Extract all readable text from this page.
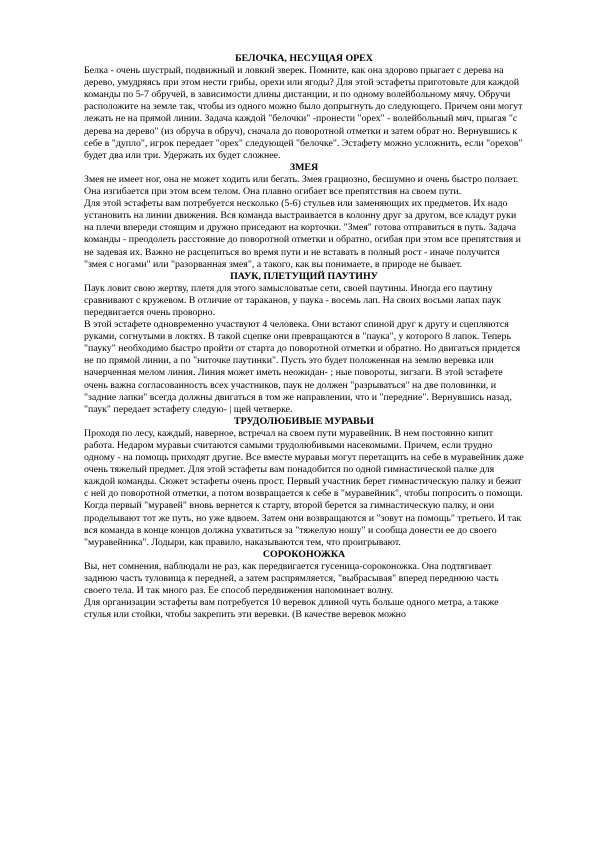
БЕЛОЧКА, НЕСУЩАЯ ОРЕХ

Белка - очень шустрый, подвижный и ловкий зверек. Помните, как она здорово прыгает с дерева на дерево, умудряясь при этом нести грибы, орехи или ягоды? Для этой эстафеты приготовьте для каждой команды по 5-7 обручей, в зависимости длины дистанции, и по одному волейбольному мячу. Обручи расположите на земле так, чтобы из одного можно было допрыгнуть до следующего. Причем они могут лежать не на прямой линии. Задача каждой "белочки" -пронести "орех" - волейбольный мяч, прыгая "с дерева на дерево" (из обруча в обруч), сначала до поворотной отметки и затем обрат но. Вернувшись к себе в "дупло", игрок передает "орех" следующей "белочке". Эстафету можно усложнить, если "орехов" будет два или три. Удержать их будет сложнее.

ЗМЕЯ

Змея не имеет ног, она не может ходить или бегать. Змея грациозно, бесшумно и очень быстро ползает. Она изгибается при этом всем телом. Она плавно огибает все препятствия на своем пути.

Для этой эстафеты вам потребуется несколько (5-6) стульев или заменяющих их предметов. Их надо установить на линии движения. Вся команда выстраивается в колонну друг за другом, все кладут руки на плечи впереди стоящим и дружно приседают на корточки. "Змея" готова отправиться в путь. Задача команды - преодолеть расстояние до поворотной отметки и обратно, огибая при этом все препятствия и не задевая их. Важно не расцепиться во время пути и не вставать в полный рост - иначе получится "змея с ногами" или "разорванная змея", а такого, как вы понимаете, в природе не бывает.

ПАУК, ПЛЕТУЩИЙ ПАУТИНУ

Паук ловит свою жертву, плетя для этого замысловатые сети, своей паутины. Иногда его паутину сравнивают с кружевом. В отличие от тараканов, у паука - восемь лап. На своих восьми лапах паук передвигается очень проворно.

В этой эстафете одновременно участвуют 4 человека. Они встают спиной друг к другу и сцепляются руками, согнутыми в локтях. В такой сцепке они превращаются в "паука", у которого 8 лапок. Теперь "пауку" необходимо быстро пройти от старта до поворотной отметки и обратно. Но двигаться придется не по прямой линии, а по "ниточке паутинки". Пусть это будет положенная на землю веревка или начерченная мелом линия. Линия может иметь неожидан- ; ные повороты, зигзаги. В этой эстафете очень важна согласованность всех участников, паук не должен "разрываться" на две половинки, и "задние лапки" всегда должны двигаться в том же направлении, что и "передние". Вернувшись назад, "паук" передает эстафету следую- | щей четверке.

ТРУДОЛЮБИВЫЕ МУРАВЬИ

Проходя по лесу, каждый, наверное, встречал на своем пути муравейник. В нем постоянно кипит работа. Недаром муравьи считаются самыми трудолюбивыми насекомыми. Причем, если трудно одному - на помощь приходят другие. Все вместе муравьи могут перетащить на себе в муравейник даже очень тяжелый предмет. Для этой эстафеты вам понадобится по одной гимнастической палке для каждой команды. Сюжет эстафеты очень прост. Первый участник берет гимнастическую палку и бежит с ней до поворотной отметки, а потом возвращается к себе в "муравейник", чтобы попросить о помощи. Когда первый "муравей" вновь вернется к старту, второй берется за гимнастическую палку, и они проделывают тот же путь, но уже вдвоем. Затем они возвращаются и "зовут на помощь" третьего. И так вся команда в конце концов должна ухватиться за "тяжелую ношу" и сообща донести ее до своего "муравейника". Лодыри, как правило, наказываются тем, что проигрывают.

СОРОКОНОЖКА

Вы, нет сомнения, наблюдали не раз, как передвигается гусеница-сороконожка. Она подтягивает заднюю часть туловища к передней, а затем распрямляется, "выбрасывая" вперед переднюю часть своего тела. И так много раз. Ее способ передвижения напоминает волну.

Для организации эстафеты вам потребуется 10 веревок длиной чуть больше одного метра, а также стулья или стойки, чтобы закрепить эти веревки. (В качестве веревок можно
